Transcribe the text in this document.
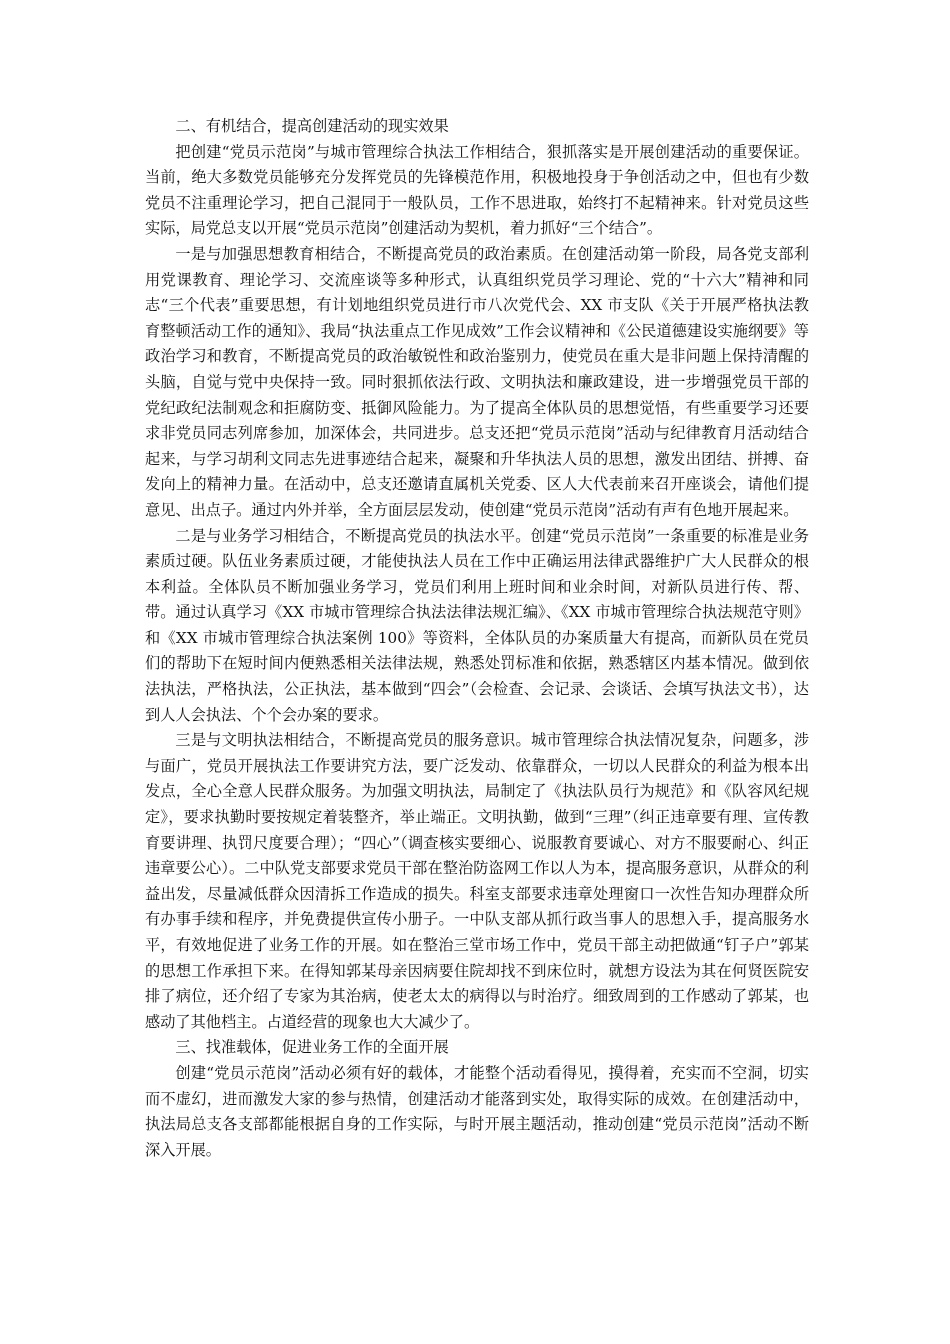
二、有机结合，提高创建活动的现实效果

把创建“党员示范岗”与城市管理综合执法工作相结合，狠抓落实是开展创建活动的重要保证。当前，绝大多数党员能够充分发挥党员的先锋模范作用，积极地投身于争创活动之中，但也有少数党员不注重理论学习，把自己混同于一般队员，工作不思进取，始终打不起精神来。针对党员这些实际，局党总支以开展“党员示范岗”创建活动为契机，着力抓好“三个结合”。

一是与加强思想教育相结合，不断提高党员的政治素质。在创建活动第一阶段，局各党支部利用党课教育、理论学习、交流座谈等多种形式，认真组织党员学习理论、党的“十六大”精神和同志“三个代表”重要思想，有计划地组织党员进行市八次党代会、XX 市支队《关于开展严格执法教育整顿活动工作的通知》、我局“执法重点工作见成效”工作会议精神和《公民道德建设实施纲要》等政治学习和教育，不断提高党员的政治敏锐性和政治鉴别力，使党员在重大是非问题上保持清醒的头脑，自觉与党中央保持一致。同时狠抓依法行政、文明执法和廉政建设，进一步增强党员干部的党纪政纪法制观念和拒腐防变、抵御风险能力。为了提高全体队员的思想觉悟，有些重要学习还要求非党员同志列席参加，加深体会，共同进步。总支还把“党员示范岗”活动与纪律教育月活动结合起来，与学习胡利文同志先进事迹结合起来，凝聚和升华执法人员的思想，激发出团结、拼搏、奋发向上的精神力量。在活动中，总支还邀请直属机关党委、区人大代表前来召开座谈会，请他们提意见、出点子。通过内外并举，全方面层层发动，使创建“党员示范岗”活动有声有色地开展起来。

二是与业务学习相结合，不断提高党员的执法水平。创建“党员示范岗”一条重要的标准是业务素质过硬。队伍业务素质过硬，才能使执法人员在工作中正确运用法律武器维护广大人民群众的根本利益。全体队员不断加强业务学习，党员们利用上班时间和业余时间，对新队员进行传、帮、带。通过认真学习《XX 市城市管理综合执法法律法规汇编》、《XX 市城市管理综合执法规范守则》和《XX 市城市管理综合执法案例 100》等资料，全体队员的办案质量大有提高，而新队员在党员们的帮助下在短时间内便熟悉相关法律法规，熟悉处罚标准和依据，熟悉辖区内基本情况。做到依法执法，严格执法，公正执法，基本做到“四会”（会检查、会记录、会谈话、会填写执法文书），达到人人会执法、个个会办案的要求。

三是与文明执法相结合，不断提高党员的服务意识。城市管理综合执法情况复杂，问题多，涉与面广，党员开展执法工作要讲究方法，要广泛发动、依靠群众，一切以人民群众的利益为根本出发点，全心全意人民群众服务。为加强文明执法，局制定了《执法队员行为规范》和《队容风纪规定》，要求执勤时要按规定着装整齐，举止端正。文明执勤，做到“三理”（纠正违章要有理、宣传教育要讲理、执罚尺度要合理）；“四心”（调查核实要细心、说服教育要诚心、对方不服要耐心、纠正违章要公心）。二中队党支部要求党员干部在整治防盗网工作以人为本，提高服务意识，从群众的利益出发，尽量减低群众因清拆工作造成的损失。科室支部要求违章处理窗口一次性告知办理群众所有办事手续和程序，并免费提供宣传小册子。一中队支部从抓行政当事人的思想入手，提高服务水平，有效地促进了业务工作的开展。如在整治三堂市场工作中，党员干部主动把做通“钉子户”郭某的思想工作承担下来。在得知郭某母亲因病要住院却找不到床位时，就想方设法为其在何贤医院安排了病位，还介绍了专家为其治病，使老太太的病得以与时治疗。细致周到的工作感动了郭某，也感动了其他档主。占道经营的现象也大大减少了。

三、找准载体，促进业务工作的全面开展

创建“党员示范岗”活动必须有好的载体，才能整个活动看得见，摸得着，充实而不空洞，切实而不虚幻，进而激发大家的参与热情，创建活动才能落到实处，取得实际的成效。在创建活动中，执法局总支各支部都能根据自身的工作实际，与时开展主题活动，推动创建“党员示范岗”活动不断深入开展。
